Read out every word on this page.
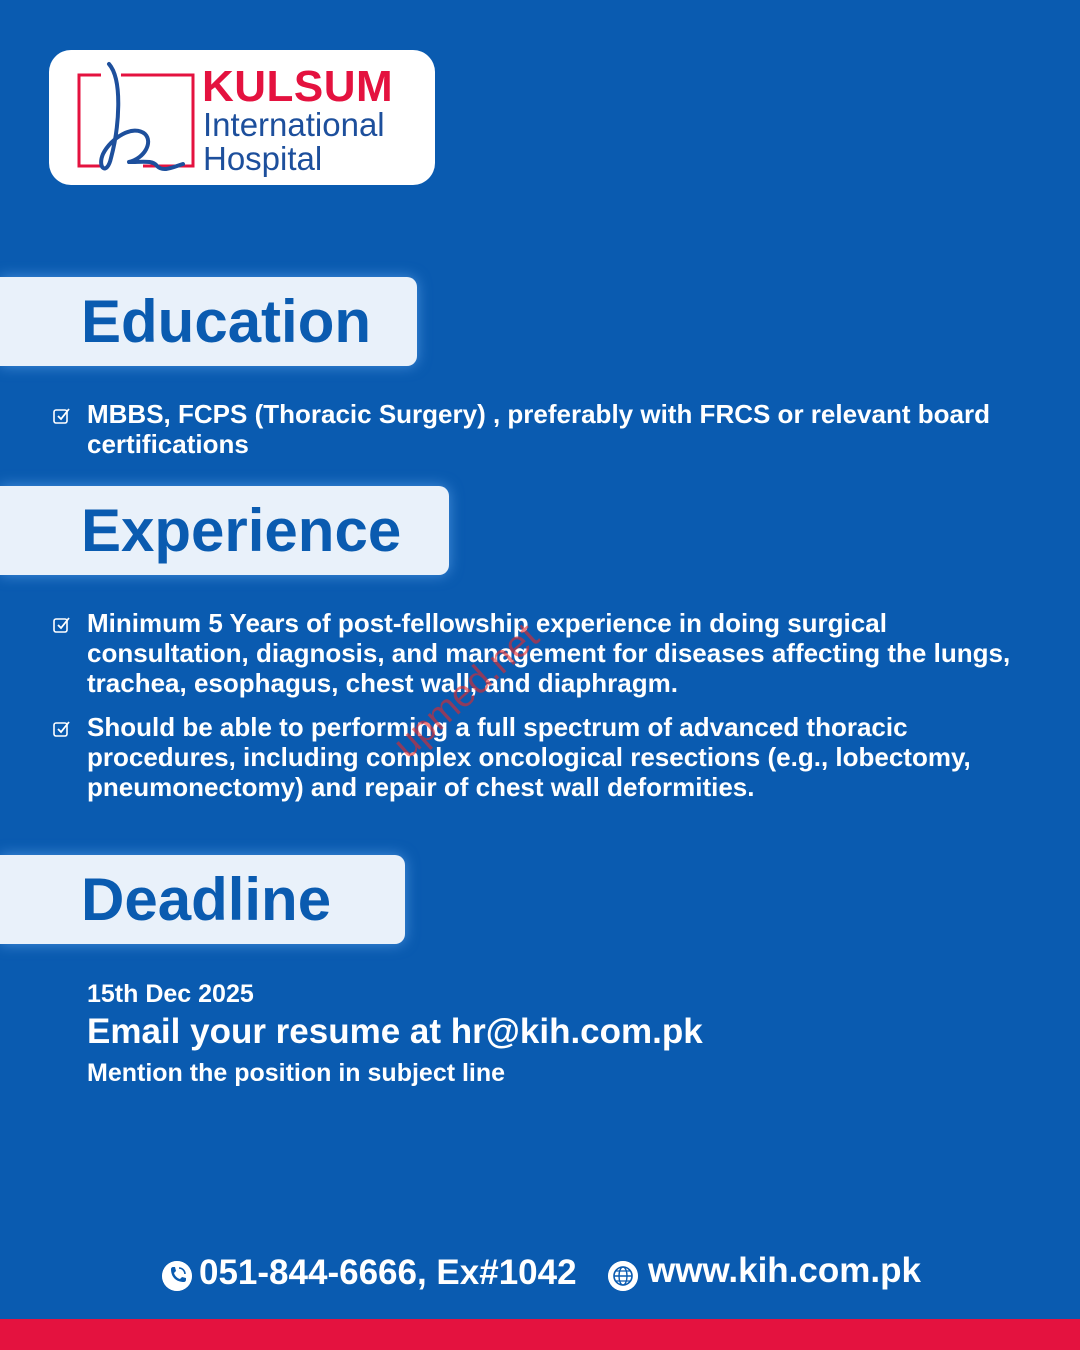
KULSUM
International
Hospital
Education
MBBS, FCPS (Thoracic Surgery) , preferably with FRCS or relevant board certifications
Experience
Minimum 5 Years of post-fellowship experience in doing surgical consultation, diagnosis, and management for diseases affecting the lungs, trachea, esophagus, chest wall, and diaphragm.
Should be able to performing a full spectrum of advanced thoracic procedures, including complex oncological resections (e.g., lobectomy, pneumonectomy) and repair of chest wall deformities.
upmed.net
Deadline
15th Dec 2025
Email your resume at hr@kih.com.pk
Mention the position in subject line
051-844-6666, Ex#1042 www.kih.com.pk
